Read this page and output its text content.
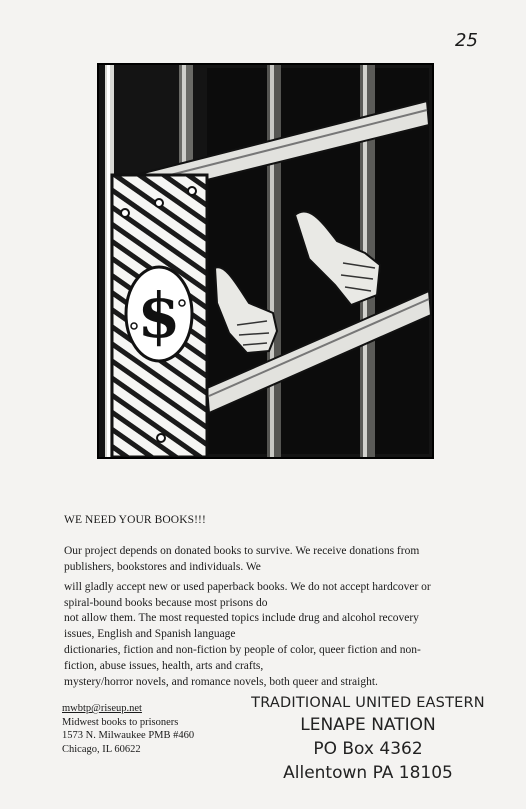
25
$
WE NEED YOUR BOOKS!!!
Our project depends on donated books to survive. We receive donations from
publishers, bookstores and individuals. We
will gladly accept new or used paperback books. We do not accept hardcover or
spiral-bound books because most prisons do
not allow them. The most requested topics include drug and alcohol recovery
issues, English and Spanish language
dictionaries, fiction and non-fiction by people of color, queer fiction and non-
fiction, abuse issues, health, arts and crafts,
mystery/horror novels, and romance novels, both queer and straight.
mwbtp@riseup.net
Midwest books to prisoners
1573 N. Milwaukee PMB #460
Chicago, IL 60622
TRADITIONAL UNITED EASTERN
LENAPE NATION
PO Box 4362
Allentown PA 18105
